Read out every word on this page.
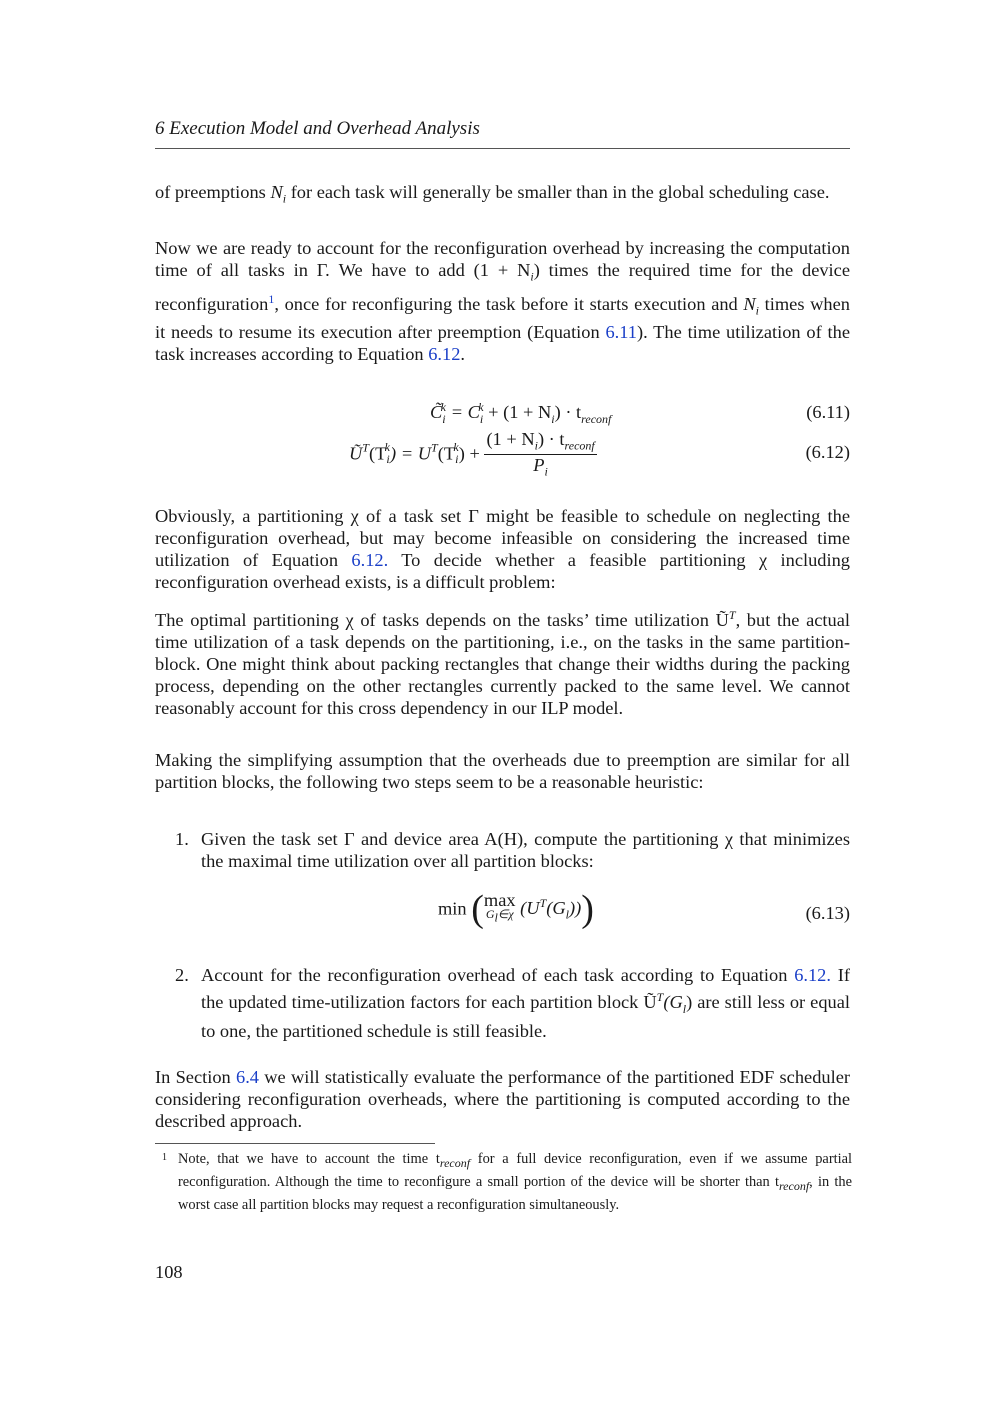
6 Execution Model and Overhead Analysis
of preemptions $N_i$ for each task will generally be smaller than in the global scheduling case.
Now we are ready to account for the reconfiguration overhead by increasing the computation time of all tasks in Γ. We have to add $(1 + N_i)$ times the required time for the device reconfiguration$^1$, once for reconfiguring the task before it starts execution and $N_i$ times when it needs to resume its execution after preemption (Equation 6.11). The time utilization of the task increases according to Equation 6.12.
$C̃_i^k = C_i^k + (1 + N_i) \cdot t_{reconf}$	(6.11)
$Ũ^T(T_i^k) = U^T(T_i^k) + \frac{(1 + N_i) \cdot t_{reconf}}{P_i}$	(6.12)
Obviously, a partitioning χ of a task set Γ might be feasible to schedule on neglecting the reconfiguration overhead, but may become infeasible on considering the increased time utilization of Equation 6.12. To decide whether a feasible partitioning χ including reconfiguration overhead exists, is a difficult problem:
The optimal partitioning χ of tasks depends on the tasks’ time utilization $Ũ^T$, but the actual time utilization of a task depends on the partitioning, i.e., on the tasks in the same partition-block. One might think about packing rectangles that change their widths during the packing process, depending on the other rectangles currently packed to the same level. We cannot reasonably account for this cross dependency in our ILP model.
Making the simplifying assumption that the overheads due to preemption are similar for all partition blocks, the following two steps seem to be a reasonable heuristic:
1. Given the task set Γ and device area A(H), compute the partitioning χ that minimizes the maximal time utilization over all partition blocks:
min (max
$G_l\in\chi$ $(U^T(G_l))$)	(6.13)
2. Account for the reconfiguration overhead of each task according to Equation 6.12. If the updated time-utilization factors for each partition block $Ũ^T(G_l)$ are still less or equal to one, the partitioned schedule is still feasible.
In Section 6.4 we will statistically evaluate the performance of the partitioned EDF scheduler considering reconfiguration overheads, where the partitioning is computed according to the described approach.
1 Note, that we have to account the time $t_{reconf}$ for a full device reconfiguration, even if we assume partial reconfiguration. Although the time to reconfigure a small portion of the device will be shorter than $t_{reconf}$, in the worst case all partition blocks may request a reconfiguration simultaneously.
108
